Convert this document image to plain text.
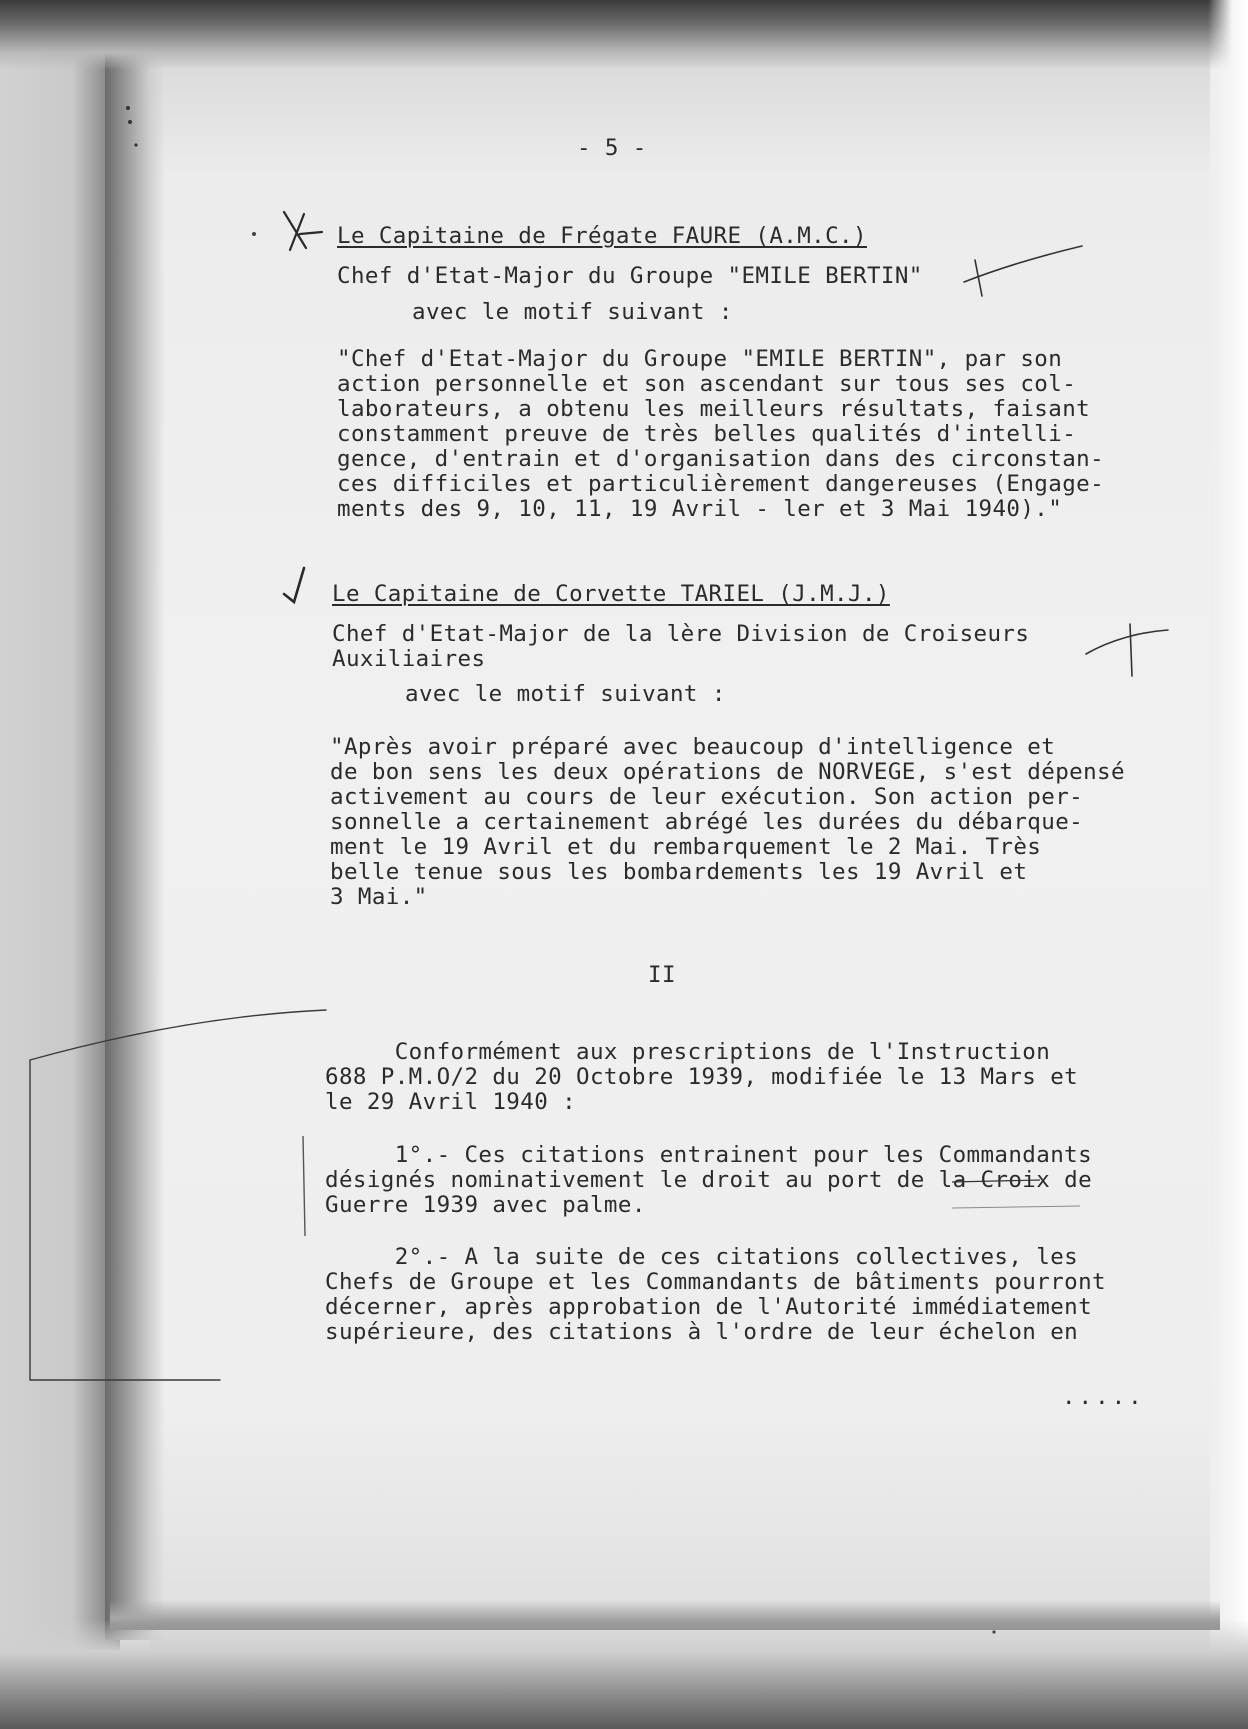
- 5 -
Le Capitaine de Frégate FAURE (A.M.C.)
Chef d'Etat-Major du Groupe "EMILE BERTIN"
avec le motif suivant :
"Chef d'Etat-Major du Groupe "EMILE BERTIN", par son
action personnelle et son ascendant sur tous ses col-
laborateurs, a obtenu les meilleurs résultats, faisant
constamment preuve de très belles qualités d'intelli-
gence, d'entrain et d'organisation dans des circonstan-
ces difficiles et particulièrement dangereuses (Engage-
ments des 9, 10, 11, 19 Avril - ler et 3 Mai 1940)."
Le Capitaine de Corvette TARIEL (J.M.J.)
Chef d'Etat-Major de la lère Division de Croiseurs
Auxiliaires
avec le motif suivant :
"Après avoir préparé avec beaucoup d'intelligence et
de bon sens les deux opérations de NORVEGE, s'est dépensé
activement au cours de leur exécution. Son action per-
sonnelle a certainement abrégé les durées du débarque-
ment le 19 Avril et du rembarquement le 2 Mai. Très
belle tenue sous les bombardements les 19 Avril et
3 Mai."
II
Conformément aux prescriptions de l'Instruction
688 P.M.O/2 du 20 Octobre 1939, modifiée le 13 Mars et
le 29 Avril 1940 :
1°.- Ces citations entrainent pour les Commandants
désignés nominativement le droit au port de la Croix de
Guerre 1939 avec palme.
2°.- A la suite de ces citations collectives, les
Chefs de Groupe et les Commandants de bâtiments pourront
décerner, après approbation de l'Autorité immédiatement
supérieure, des citations à l'ordre de leur échelon en
.....
